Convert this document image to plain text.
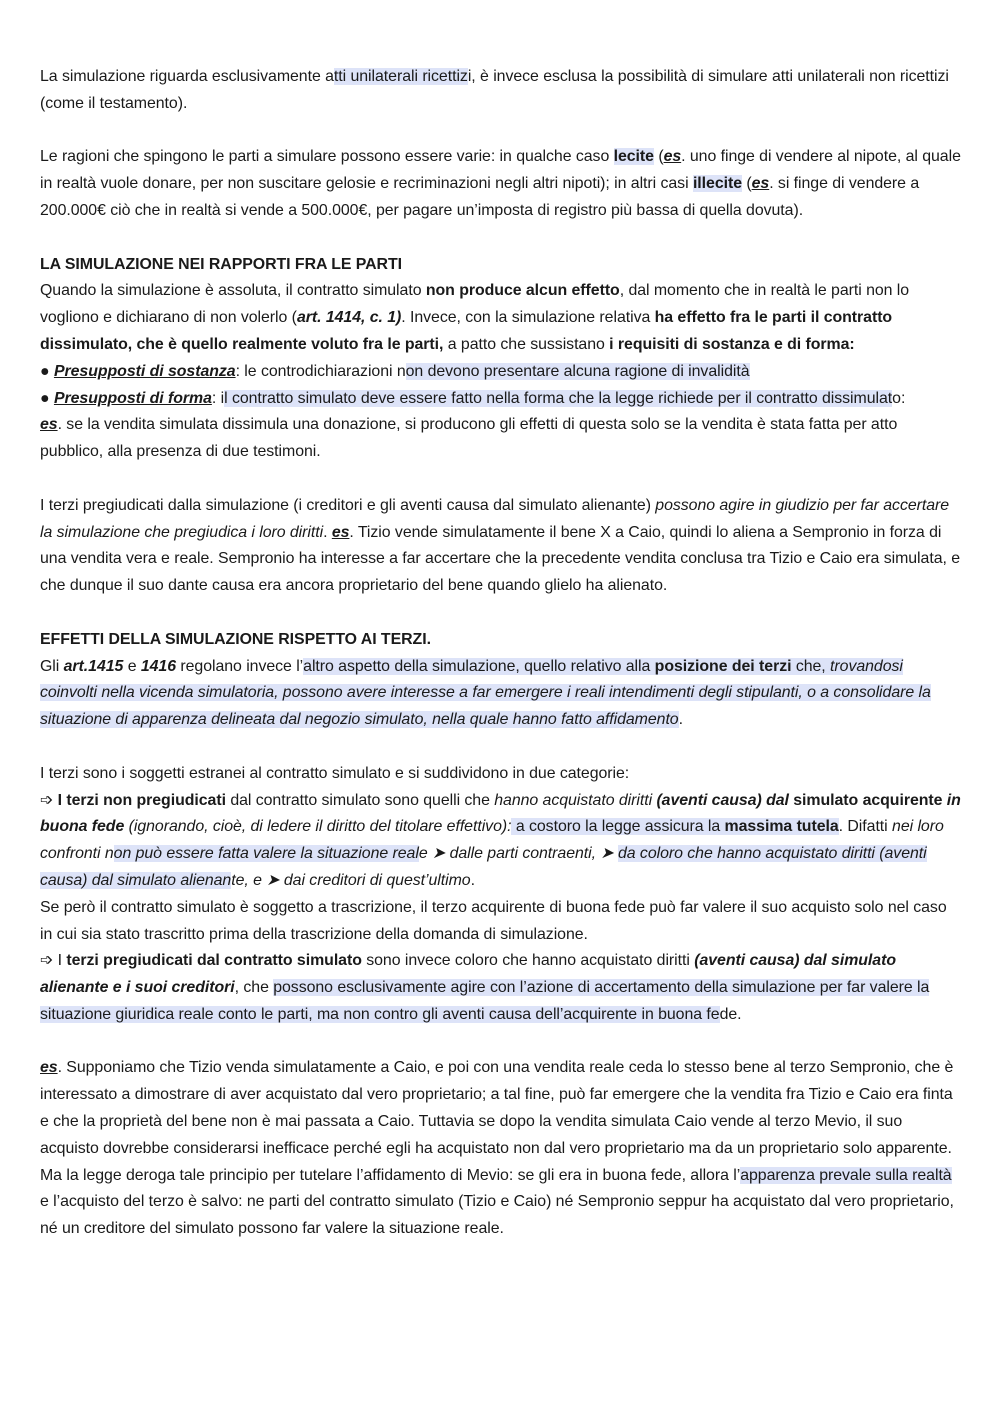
La simulazione riguarda esclusivamente atti unilaterali ricettizi, è invece esclusa la possibilità di simulare atti unilaterali non ricettizi (come il testamento).

Le ragioni che spingono le parti a simulare possono essere varie: in qualche caso lecite (es. uno finge di vendere al nipote, al quale in realtà vuole donare, per non suscitare gelosie e recriminazioni negli altri nipoti); in altri casi illecite (es. si finge di vendere a 200.000€ ciò che in realtà si vende a 500.000€, per pagare un’imposta di registro più bassa di quella dovuta).

LA SIMULAZIONE NEI RAPPORTI FRA LE PARTI

Quando la simulazione è assoluta, il contratto simulato non produce alcun effetto, dal momento che in realtà le parti non lo vogliono e dichiarano di non volerlo (art. 1414, c. 1). Invece, con la simulazione relativa ha effetto fra le parti il contratto dissimulato, che è quello realmente voluto fra le parti, a patto che sussistano i requisiti di sostanza e di forma:

● Presupposti di sostanza: le controdichiarazioni non devono presentare alcuna ragione di invalidità

● Presupposti di forma: il contratto simulato deve essere fatto nella forma che la legge richiede per il contratto dissimulato:

es. se la vendita simulata dissimula una donazione, si producono gli effetti di questa solo se la vendita è stata fatta per atto pubblico, alla presenza di due testimoni.

I terzi pregiudicati dalla simulazione (i creditori e gli aventi causa dal simulato alienante) possono agire in giudizio per far accertare la simulazione che pregiudica i loro diritti. es. Tizio vende simulatamente il bene X a Caio, quindi lo aliena a Sempronio in forza di una vendita vera e reale. Sempronio ha interesse a far accertare che la precedente vendita conclusa tra Tizio e Caio era simulata, e che dunque il suo dante causa era ancora proprietario del bene quando glielo ha alienato.

EFFETTI DELLA SIMULAZIONE RISPETTO AI TERZI.

Gli art.1415 e 1416 regolano invece l’altro aspetto della simulazione, quello relativo alla posizione dei terzi che, trovandosi coinvolti nella vicenda simulatoria, possono avere interesse a far emergere i reali intendimenti degli stipulanti, o a consolidare la situazione di apparenza delineata dal negozio simulato, nella quale hanno fatto affidamento.

I terzi sono i soggetti estranei al contratto simulato e si suddividono in due categorie:

➩ I terzi non pregiudicati dal contratto simulato sono quelli che hanno acquistato diritti (aventi causa) dal simulato acquirente in buona fede (ignorando, cioè, di ledere il diritto del titolare effettivo): a costoro la legge assicura la massima tutela. Difatti nei loro confronti non può essere fatta valere la situazione reale ➤ dalle parti contraenti, ➤ da coloro che hanno acquistato diritti (aventi causa) dal simulato alienante, e ➤ dai creditori di quest’ultimo.

Se però il contratto simulato è soggetto a trascrizione, il terzo acquirente di buona fede può far valere il suo acquisto solo nel caso in cui sia stato trascritto prima della trascrizione della domanda di simulazione.

➩ I terzi pregiudicati dal contratto simulato sono invece coloro che hanno acquistato diritti (aventi causa) dal simulato alienante e i suoi creditori, che possono esclusivamente agire con l’azione di accertamento della simulazione per far valere la situazione giuridica reale conto le parti, ma non contro gli aventi causa dell’acquirente in buona fede.

es. Supponiamo che Tizio venda simulatamente a Caio, e poi con una vendita reale ceda lo stesso bene al terzo Sempronio, che è interessato a dimostrare di aver acquistato dal vero proprietario; a tal fine, può far emergere che la vendita fra Tizio e Caio era finta e che la proprietà del bene non è mai passata a Caio. Tuttavia se dopo la vendita simulata Caio vende al terzo Mevio, il suo acquisto dovrebbe considerarsi inefficace perché egli ha acquistato non dal vero proprietario ma da un proprietario solo apparente. Ma la legge deroga tale principio per tutelare l’affidamento di Mevio: se gli era in buona fede, allora l’apparenza prevale sulla realtà e l’acquisto del terzo è salvo: ne parti del contratto simulato (Tizio e Caio) né Sempronio seppur ha acquistato dal vero proprietario, né un creditore del simulato possono far valere la situazione reale.
